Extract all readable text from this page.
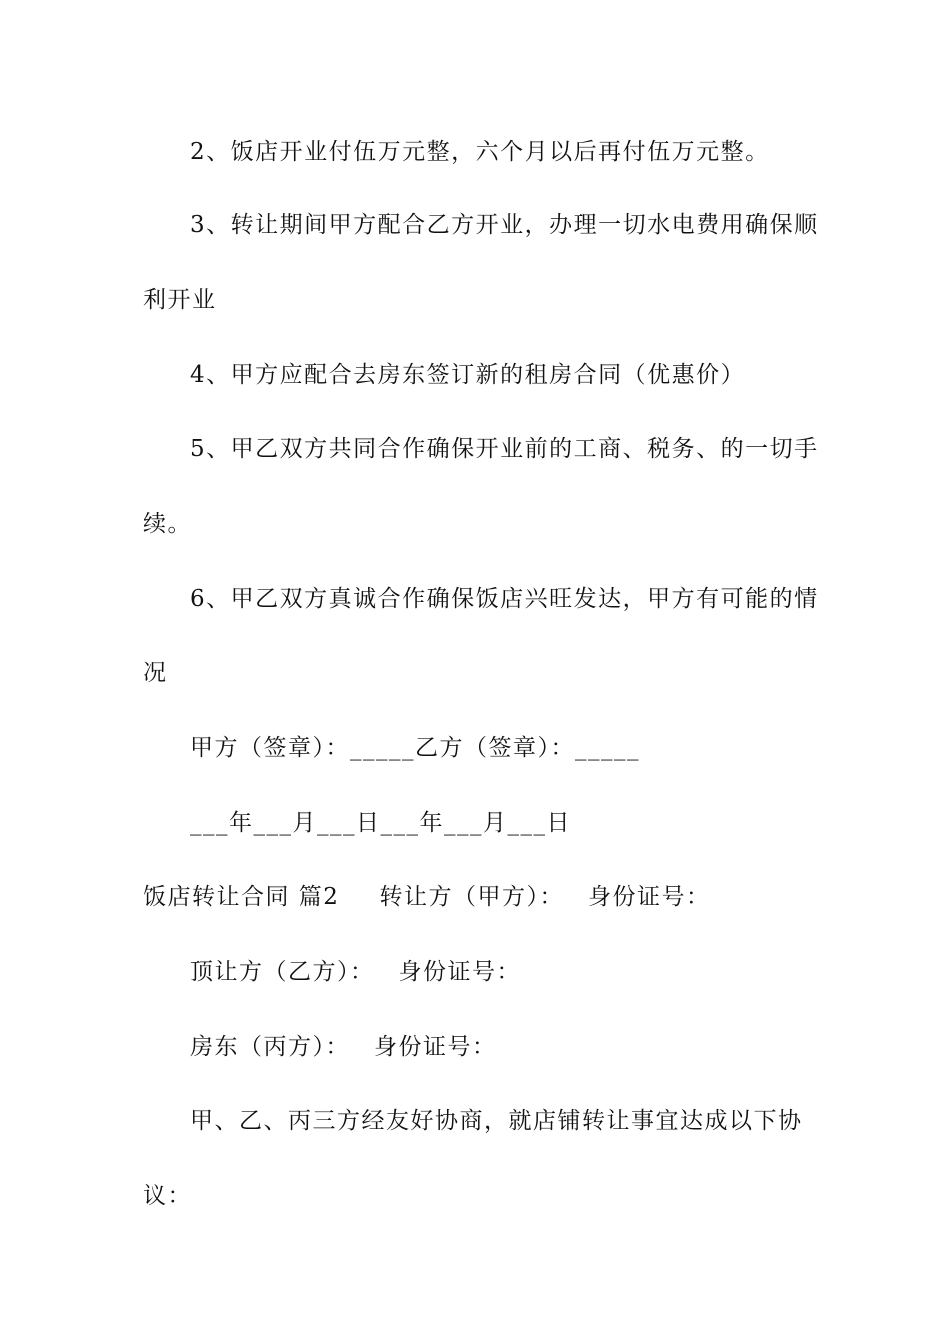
2、饭店开业付伍万元整，六个月以后再付伍万元整。
3、转让期间甲方配合乙方开业，办理一切水电费用确保顺
利开业
4、甲方应配合去房东签订新的租房合同（优惠价）
5、甲乙双方共同合作确保开业前的工商、税务、的一切手
续。
6、甲乙双方真诚合作确保饭店兴旺发达，甲方有可能的情
况
甲方（签章）：_____乙方（签章）：_____
___年___月___日___年___月___日
饭店转让合同 篇2 转让方（甲方）： 身份证号：
顶让方（乙方）： 身份证号：
房东（丙方）： 身份证号：
甲、乙、丙三方经友好协商，就店铺转让事宜达成以下协
议：
